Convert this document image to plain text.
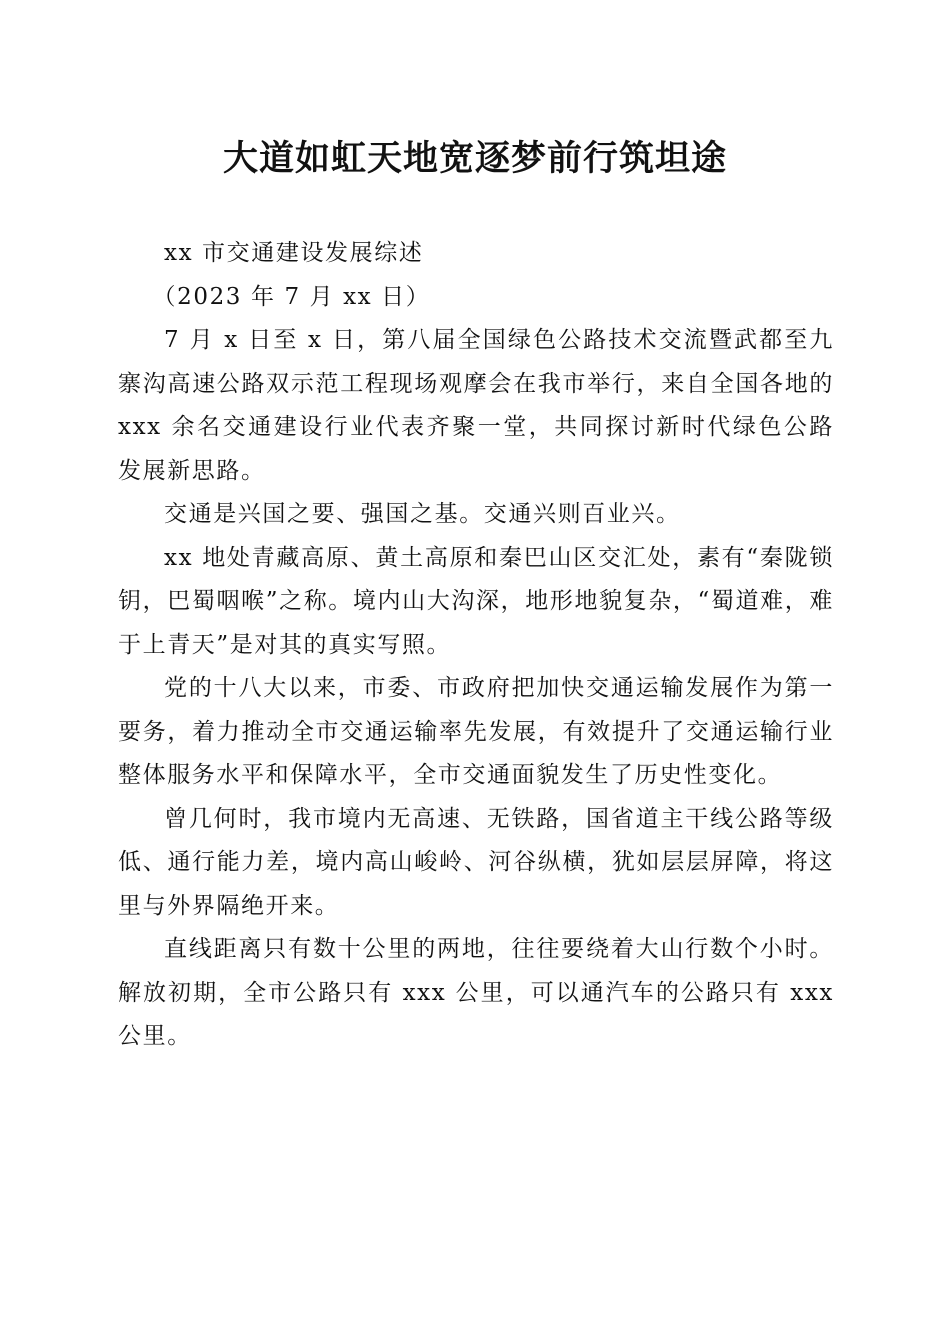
大道如虹天地宽逐梦前行筑坦途

xx 市交通建设发展综述

（2023 年 7 月 xx 日）

7 月 x 日至 x 日，第八届全国绿色公路技术交流暨武都至九寨沟高速公路双示范工程现场观摩会在我市举行，来自全国各地的 xxx 余名交通建设行业代表齐聚一堂，共同探讨新时代绿色公路发展新思路。

交通是兴国之要、强国之基。交通兴则百业兴。

xx 地处青藏高原、黄土高原和秦巴山区交汇处，素有“秦陇锁钥，巴蜀咽喉”之称。境内山大沟深，地形地貌复杂，“蜀道难，难于上青天”是对其的真实写照。

党的十八大以来，市委、市政府把加快交通运输发展作为第一要务，着力推动全市交通运输率先发展，有效提升了交通运输行业整体服务水平和保障水平，全市交通面貌发生了历史性变化。

曾几何时，我市境内无高速、无铁路，国省道主干线公路等级低、通行能力差，境内高山峻岭、河谷纵横，犹如层层屏障，将这里与外界隔绝开来。

直线距离只有数十公里的两地，往往要绕着大山行数个小时。解放初期，全市公路只有 xxx 公里，可以通汽车的公路只有 xxx 公里。
